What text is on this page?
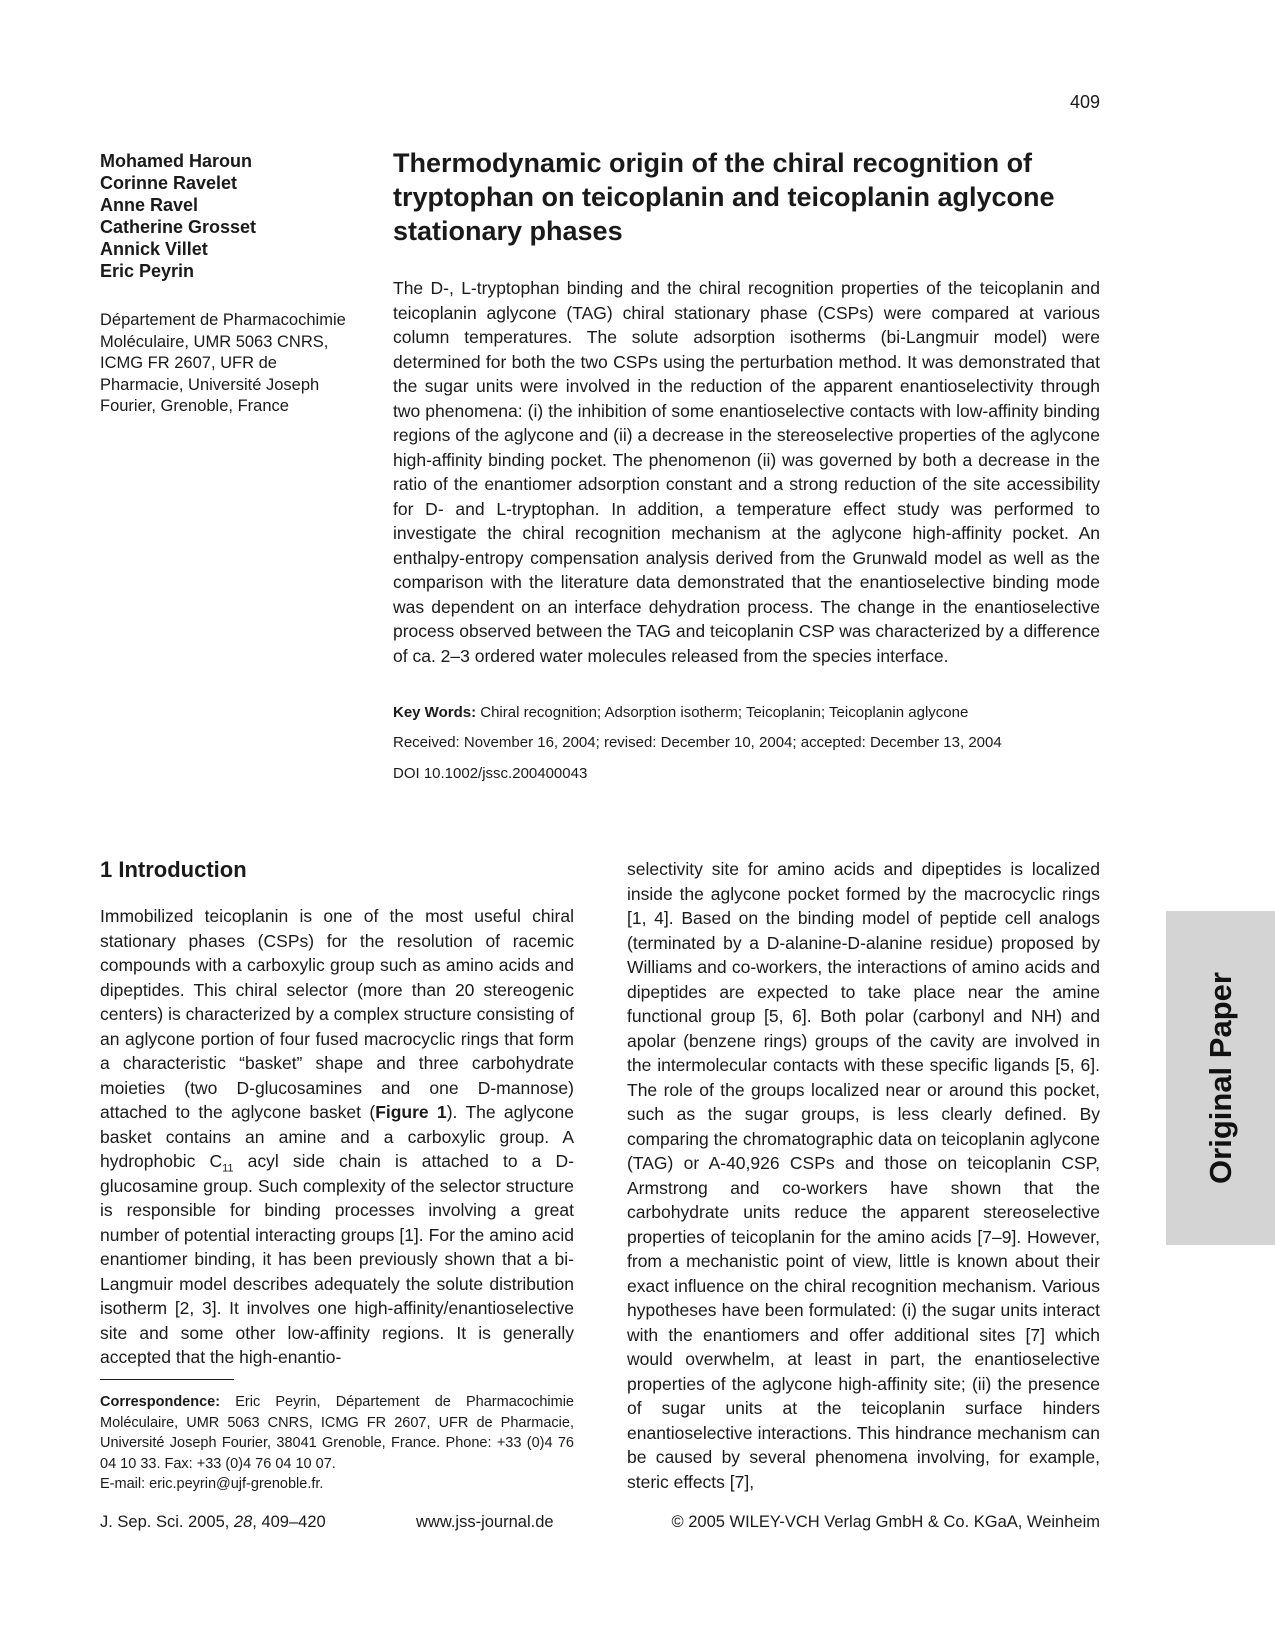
409
Mohamed Haroun
Corinne Ravelet
Anne Ravel
Catherine Grosset
Annick Villet
Eric Peyrin
Département de Pharmacochimie
Moléculaire, UMR 5063 CNRS,
ICMG FR 2607, UFR de
Pharmacie, Université Joseph
Fourier, Grenoble, France
Thermodynamic origin of the chiral recognition of
tryptophan on teicoplanin and teicoplanin aglycone
stationary phases

The D-, L-tryptophan binding and the chiral recognition properties of the teicoplanin and teicoplanin aglycone (TAG) chiral stationary phase (CSPs) were compared at various column temperatures. The solute adsorption isotherms (bi-Langmuir model) were determined for both the two CSPs using the perturbation method. It was demonstrated that the sugar units were involved in the reduction of the apparent enantioselectivity through two phenomena: (i) the inhibition of some enantioselective contacts with low-affinity binding regions of the aglycone and (ii) a decrease in the stereoselective properties of the aglycone high-affinity binding pocket. The phenomenon (ii) was governed by both a decrease in the ratio of the enantiomer adsorption constant and a strong reduction of the site accessibility for D- and L-tryptophan. In addition, a temperature effect study was performed to investigate the chiral recognition mechanism at the aglycone high-affinity pocket. An enthalpy-entropy compensation analysis derived from the Grunwald model as well as the comparison with the literature data demonstrated that the enantioselective binding mode was dependent on an interface dehydration process. The change in the enantioselective process observed between the TAG and teicoplanin CSP was characterized by a difference of ca. 2–3 ordered water molecules released from the species interface.

Key Words: Chiral recognition; Adsorption isotherm; Teicoplanin; Teicoplanin aglycone
Received: November 16, 2004; revised: December 10, 2004; accepted: December 13, 2004
DOI 10.1002/jssc.200400043
1 Introduction

Immobilized teicoplanin is one of the most useful chiral stationary phases (CSPs) for the resolution of racemic compounds with a carboxylic group such as amino acids and dipeptides. This chiral selector (more than 20 stereogenic centers) is characterized by a complex structure consisting of an aglycone portion of four fused macrocyclic rings that form a characteristic “basket” shape and three carbohydrate moieties (two D-glucosamines and one D-mannose) attached to the aglycone basket (Figure 1). The aglycone basket contains an amine and a carboxylic group. A hydrophobic $C_{11}$ acyl side chain is attached to a D-glucosamine group. Such complexity of the selector structure is responsible for binding processes involving a great number of potential interacting groups [1]. For the amino acid enantiomer binding, it has been previously shown that a bi-Langmuir model describes adequately the solute distribution isotherm [2, 3]. It involves one high-affinity/enantioselective site and some other low-affinity regions. It is generally accepted that the high-enantio-

selectivity site for amino acids and dipeptides is localized inside the aglycone pocket formed by the macrocyclic rings [1, 4]. Based on the binding model of peptide cell analogs (terminated by a D-alanine-D-alanine residue) proposed by Williams and co-workers, the interactions of amino acids and dipeptides are expected to take place near the amine functional group [5, 6]. Both polar (carbonyl and NH) and apolar (benzene rings) groups of the cavity are involved in the intermolecular contacts with these specific ligands [5, 6]. The role of the groups localized near or around this pocket, such as the sugar groups, is less clearly defined. By comparing the chromatographic data on teicoplanin aglycone (TAG) or A-40,926 CSPs and those on teicoplanin CSP, Armstrong and co-workers have shown that the carbohydrate units reduce the apparent stereoselective properties of teicoplanin for the amino acids [7–9]. However, from a mechanistic point of view, little is known about their exact influence on the chiral recognition mechanism. Various hypotheses have been formulated: (i) the sugar units interact with the enantiomers and offer additional sites [7] which would overwhelm, at least in part, the enantioselective properties of the aglycone high-affinity site; (ii) the presence of sugar units at the teicoplanin surface hinders enantioselective interactions. This hindrance mechanism can be caused by several phenomena involving, for example, steric effects [7],

Correspondence: Eric Peyrin, Département de Pharmacochimie Moléculaire, UMR 5063 CNRS, ICMG FR 2607, UFR de Pharmacie, Université Joseph Fourier, 38041 Grenoble, France. Phone: +33 (0)4 76 04 10 33. Fax: +33 (0)4 76 04 10 07.
E-mail: eric.peyrin@ujf-grenoble.fr.

J. Sep. Sci. 2005, 28, 409–420	www.jss-journal.de	© 2005 WILEY-VCH Verlag GmbH & Co. KGaA, Weinheim
Original Paper
